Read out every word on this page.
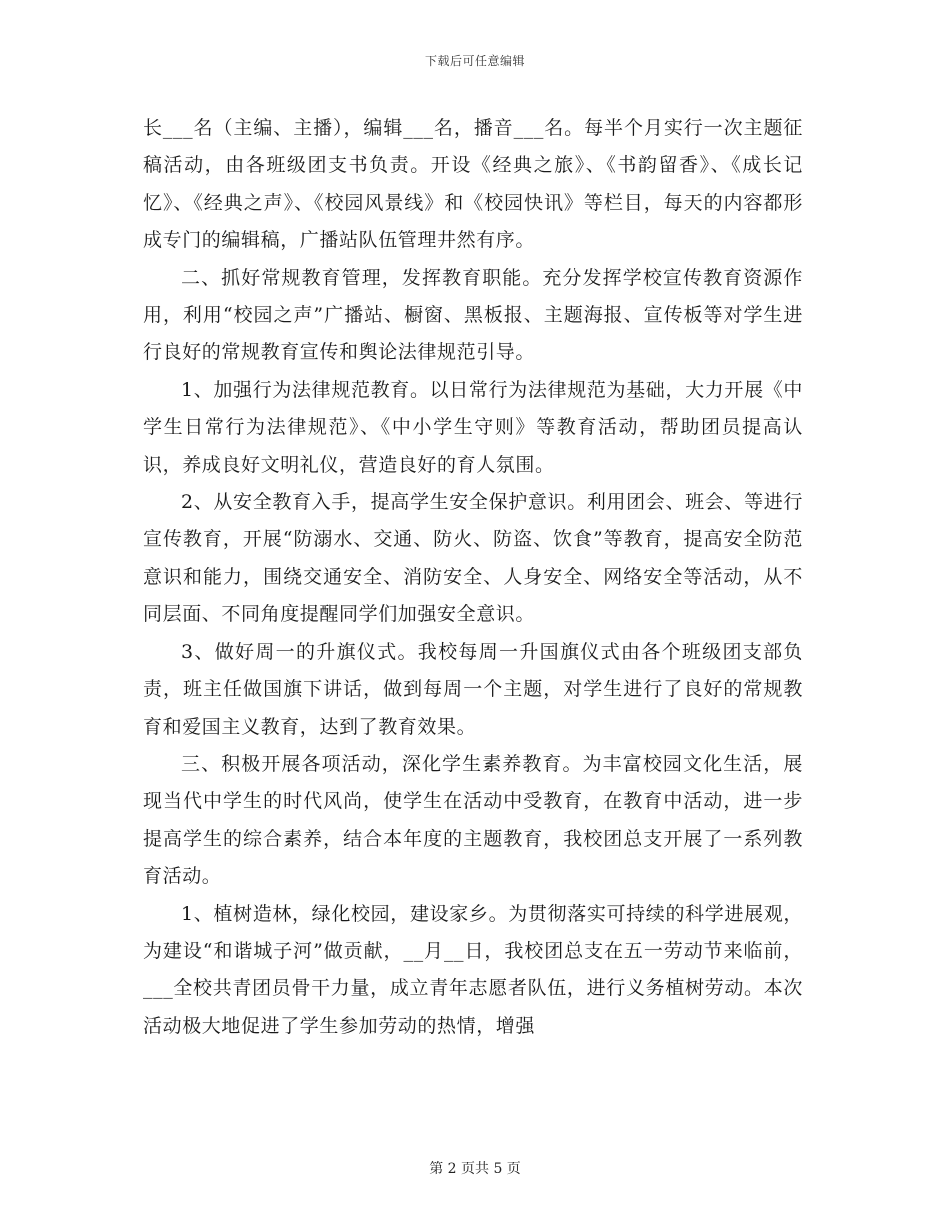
下载后可任意编辑

长___名（主编、主播），编辑___名，播音___名。每半个月实行一次主题征稿活动，由各班级团支书负责。开设《经典之旅》、《书韵留香》、《成长记忆》、《经典之声》、《校园风景线》和《校园快讯》等栏目，每天的内容都形成专门的编辑稿，广播站队伍管理井然有序。

二、抓好常规教育管理，发挥教育职能。充分发挥学校宣传教育资源作用，利用“校园之声”广播站、橱窗、黑板报、主题海报、宣传板等对学生进行良好的常规教育宣传和舆论法律规范引导。

1、加强行为法律规范教育。以日常行为法律规范为基础，大力开展《中学生日常行为法律规范》、《中小学生守则》等教育活动，帮助团员提高认识，养成良好文明礼仪，营造良好的育人氛围。

2、从安全教育入手，提高学生安全保护意识。利用团会、班会、等进行宣传教育，开展“防溺水、交通、防火、防盗、饮食”等教育，提高安全防范意识和能力，围绕交通安全、消防安全、人身安全、网络安全等活动，从不同层面、不同角度提醒同学们加强安全意识。

3、做好周一的升旗仪式。我校每周一升国旗仪式由各个班级团支部负责，班主任做国旗下讲话，做到每周一个主题，对学生进行了良好的常规教育和爱国主义教育，达到了教育效果。

三、积极开展各项活动，深化学生素养教育。为丰富校园文化生活，展现当代中学生的时代风尚，使学生在活动中受教育，在教育中活动，进一步提高学生的综合素养，结合本年度的主题教育，我校团总支开展了一系列教育活动。

1、植树造林，绿化校园，建设家乡。为贯彻落实可持续的科学进展观，为建设“和谐城子河”做贡献，__月__日，我校团总支在五一劳动节来临前，___全校共青团员骨干力量，成立青年志愿者队伍，进行义务植树劳动。本次活动极大地促进了学生参加劳动的热情，增强

第 2 页共 5 页
